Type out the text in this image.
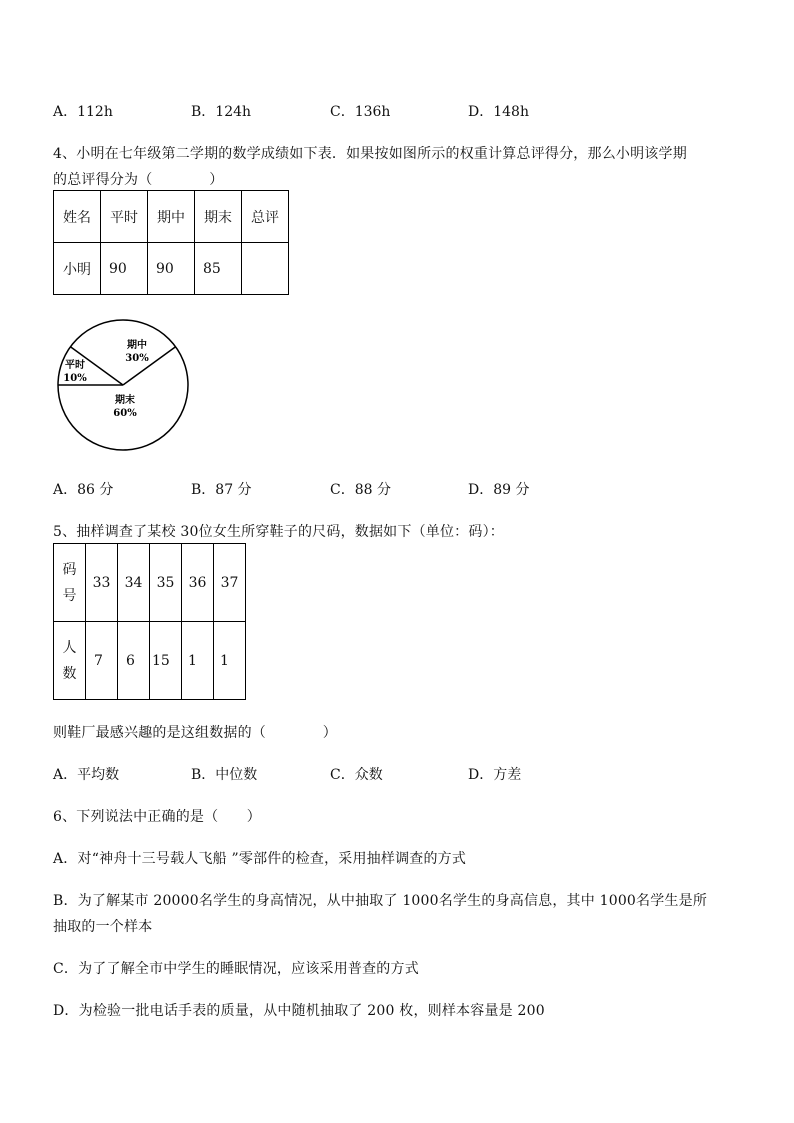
A．112h	B．124h	C．136h	D．148h
4、小明在七年级第二学期的数学成绩如下表．如果按如图所示的权重计算总评得分，那么小明该学期
的总评得分为（　　　　）
姓名	平时	期中	期末	总评
小明	90	90	85	
期中
30%
平时
10%
期末
60%
A．86 分	B．87 分	C．88 分	D．89 分
5、抽样调查了某校 30位女生所穿鞋子的尺码，数据如下（单位：码）：
码
号	33	34	35	36	37

人
数	7	6	15	1	1
则鞋厂最感兴趣的是这组数据的（　　　　）
A．平均数	B．中位数	C．众数	D．方差
6、下列说法中正确的是（　　）
A．对“神舟十三号载人飞船 ”零部件的检查，采用抽样调查的方式
B．为了解某市 20000名学生的身高情况，从中抽取了 1000名学生的身高信息，其中 1000名学生是所
抽取的一个样本
C．为了了解全市中学生的睡眠情况，应该采用普查的方式
D．为检验一批电话手表的质量，从中随机抽取了 200 枚，则样本容量是 200
